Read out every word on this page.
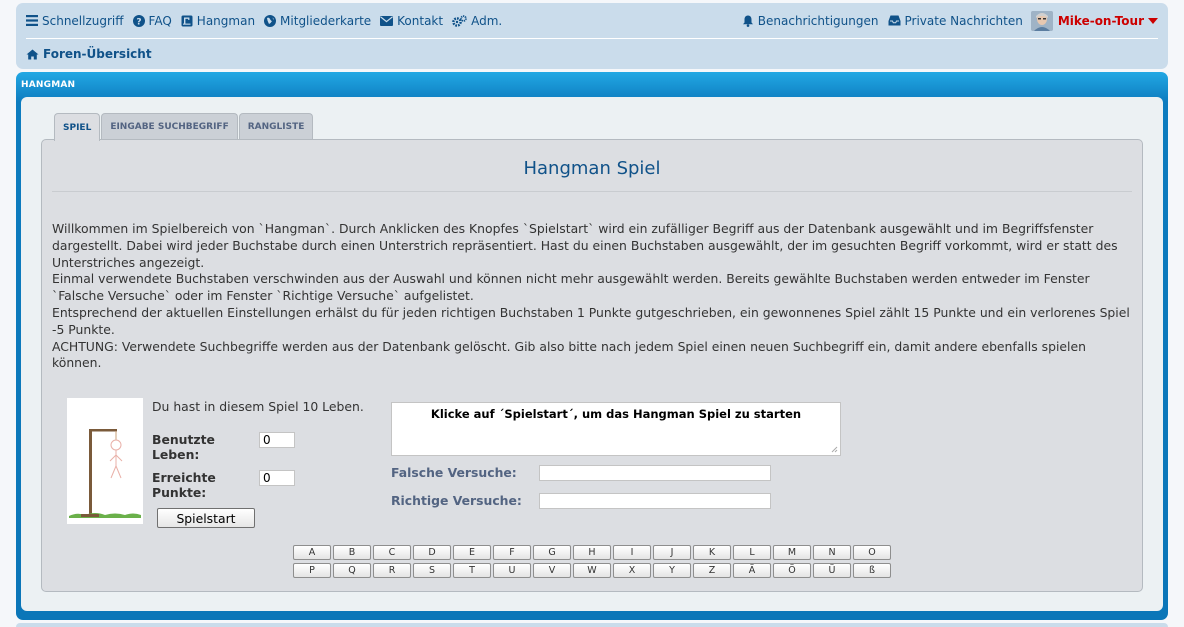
Schnellzugriff ? FAQ Hangman Mitgliederkarte Kontakt Adm.	Benachrichtigungen Private Nachrichten	Mike-on-Tour
Foren-Übersicht
HANGMAN
SPIEL	EINGABE SUCHBEGRIFF	RANGLISTE
Hangman Spiel

Willkommen im Spielbereich von `Hangman`. Durch Anklicken des Knopfes `Spielstart` wird ein zufälliger Begriff aus der Datenbank ausgewählt und im Begriffsfenster dargestellt. Dabei wird jeder Buchstabe durch einen Unterstrich repräsentiert. Hast du einen Buchstaben ausgewählt, der im gesuchten Begriff vorkommt, wird er statt des Unterstriches angezeigt.

Einmal verwendete Buchstaben verschwinden aus der Auswahl und können nicht mehr ausgewählt werden. Bereits gewählte Buchstaben werden entweder im Fenster `Falsche Versuche` oder im Fenster `Richtige Versuche` aufgelistet.

Entsprechend der aktuellen Einstellungen erhälst du für jeden richtigen Buchstaben 1 Punkte gutgeschrieben, ein gewonnenes Spiel zählt 15 Punkte und ein verlorenes Spiel -5 Punkte.

ACHTUNG: Verwendete Suchbegriffe werden aus der Datenbank gelöscht. Gib also bitte nach jedem Spiel einen neuen Suchbegriff ein, damit andere ebenfalls spielen können.

Du hast in diesem Spiel 10 Leben.
Benutzte Leben:
0
Erreichte Punkte:
0
Spielstart
Klicke auf ´Spielstart´, um das Hangman Spiel zu starten
Falsche Versuche:
Richtige Versuche:
A	B	C	D	E	F	G	H	I	J	K	L	M	N	O
P	Q	R	S	T	U	V	W	X	Y	Z	Ä	Ö	Ü	ß
